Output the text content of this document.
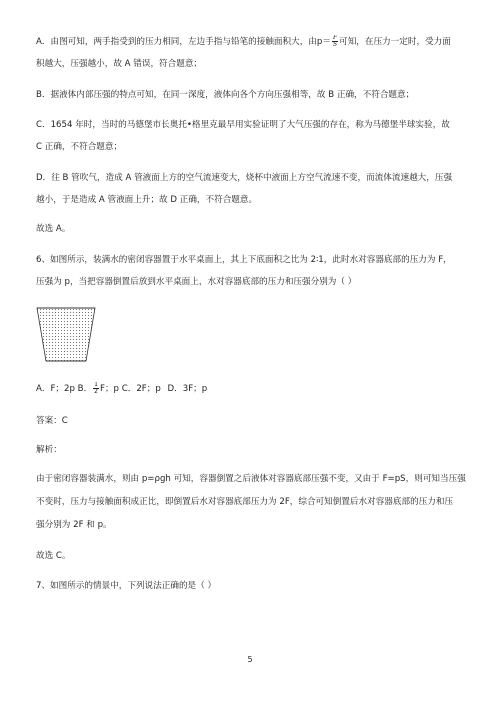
A．由图可知，两手指受到的压力相同，左边手指与铅笔的接触面积大，由$p= \frac{F}{S}$ 可知，在压力一定时，受力面
积越大，压强越小，故 A 错误，符合题意；
B．据液体内部压强的特点可知，在同一深度，液体向各个方向压强相等，故 B 正确，不符合题意；
C．1654 年时，当时的马德堡市长奥托•格里克最早用实验证明了大气压强的存在，称为马德堡半球实验，故
C 正确，不符合题意；
D．往 B 管吹气，造成 A 管液面上方的空气流速变大，烧杯中液面上方空气流速不变，而流体流速越大，压强
越小，于是造成 A 管液面上升；故 D 正确，不符合题意。
故选 A。
6、如图所示，装满水的密闭容器置于水平桌面上，其上下底面积之比为 2∶1，此时水对容器底部的压力为 F，
压强为 p，当把容器倒置后放到水平桌面上，水对容器底部的压力和压强分别为（ ）
A．F；2p B． $\frac{1}{2}$ F；p C．2F；p D．3F；p
答案：C
解析：
由于密闭容器装满水，则由 p=ρgh 可知，容器倒置之后液体对容器底部压强不变，又由于 F=pS，则可知当压强
不变时，压力与接触面积成正比，即倒置后水对容器底部压力为 2F，综合可知倒置后水对容器底部的压力和压
强分别为 2F 和 p。
故选 C。
7、如图所示的情景中，下列说法正确的是（ ）
5
